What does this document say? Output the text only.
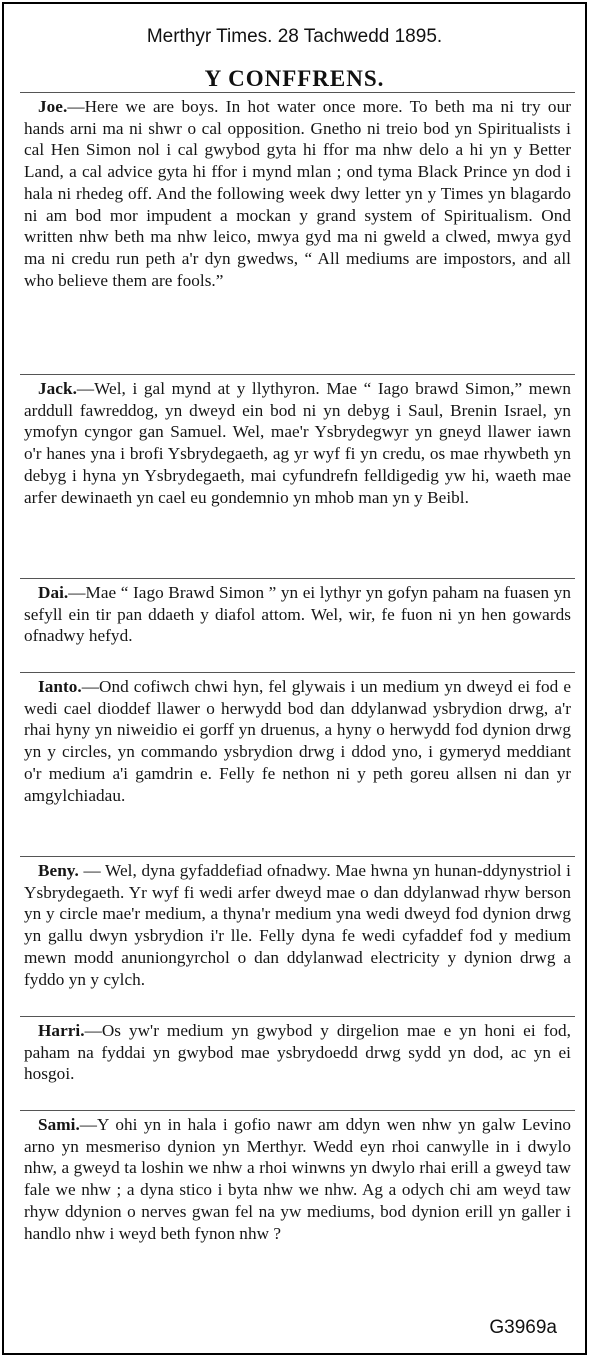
Merthyr Times. 28 Tachwedd 1895.
Y CONFFRENS.

Joe.—Here we are boys. In hot water once more. To beth ma ni try our hands arni ma ni shwr o cal opposition. Gnetho ni treio bod yn Spiritualists i cal Hen Simon nol i cal gwybod gyta hi ffor ma nhw delo a hi yn y Better Land, a cal advice gyta hi ffor i mynd mlan ; ond tyma Black Prince yn dod i hala ni rhedeg off. And the following week dwy letter yn y Times yn blagardo ni am bod mor impudent a mockan y grand system of Spiritualism. Ond written nhw beth ma nhw leico, mwya gyd ma ni gweld a clwed, mwya gyd ma ni credu run peth a'r dyn gwedws, “ All mediums are impostors, and all who believe them are fools.”

Jack.—Wel, i gal mynd at y llythyron. Mae “ Iago brawd Simon,” mewn arddull fawreddog, yn dweyd ein bod ni yn debyg i Saul, Brenin Israel, yn ymofyn cyngor gan Samuel. Wel, mae'r Ysbrydegwyr yn gneyd llawer iawn o'r hanes yna i brofi Ysbrydegaeth, ag yr wyf fi yn credu, os mae rhywbeth yn debyg i hyna yn Ysbrydegaeth, mai cyfundrefn felldigedig yw hi, waeth mae arfer dewinaeth yn cael eu gondemnio yn mhob man yn y Beibl.

Dai.—Mae “ Iago Brawd Simon ” yn ei lythyr yn gofyn paham na fuasen yn sefyll ein tir pan ddaeth y diafol attom. Wel, wir, fe fuon ni yn hen gowards ofnadwy hefyd.

Ianto.—Ond cofiwch chwi hyn, fel glywais i un medium yn dweyd ei fod e wedi cael dioddef llawer o herwydd bod dan ddylanwad ysbrydion drwg, a'r rhai hyny yn niweidio ei gorff yn druenus, a hyny o herwydd fod dynion drwg yn y circles, yn commando ysbrydion drwg i ddod yno, i gymeryd meddiant o'r medium a'i gamdrin e. Felly fe nethon ni y peth goreu allsen ni dan yr amgylchiadau.

Beny. — Wel, dyna gyfaddefiad ofnadwy. Mae hwna yn hunan-ddynystriol i Ysbrydegaeth. Yr wyf fi wedi arfer dweyd mae o dan ddylanwad rhyw berson yn y circle mae'r medium, a thyna'r medium yna wedi dweyd fod dynion drwg yn gallu dwyn ysbrydion i'r lle. Felly dyna fe wedi cyfaddef fod y medium mewn modd anuniongyrchol o dan ddylanwad electricity y dynion drwg a fyddo yn y cylch.

Harri.—Os yw'r medium yn gwybod y dirgelion mae e yn honi ei fod, paham na fyddai yn gwybod mae ysbrydoedd drwg sydd yn dod, ac yn ei hosgoi.

Sami.—Y ohi yn in hala i gofio nawr am ddyn wen nhw yn galw Levino arno yn mesmeriso dynion yn Merthyr. Wedd eyn rhoi canwylle in i dwylo nhw, a gweyd ta loshin we nhw a rhoi winwns yn dwylo rhai erill a gweyd taw fale we nhw ; a dyna stico i byta nhw we nhw. Ag a odych chi am weyd taw rhyw ddynion o nerves gwan fel na yw mediums, bod dynion erill yn galler i handlo nhw i weyd beth fynon nhw ?

G3969a
